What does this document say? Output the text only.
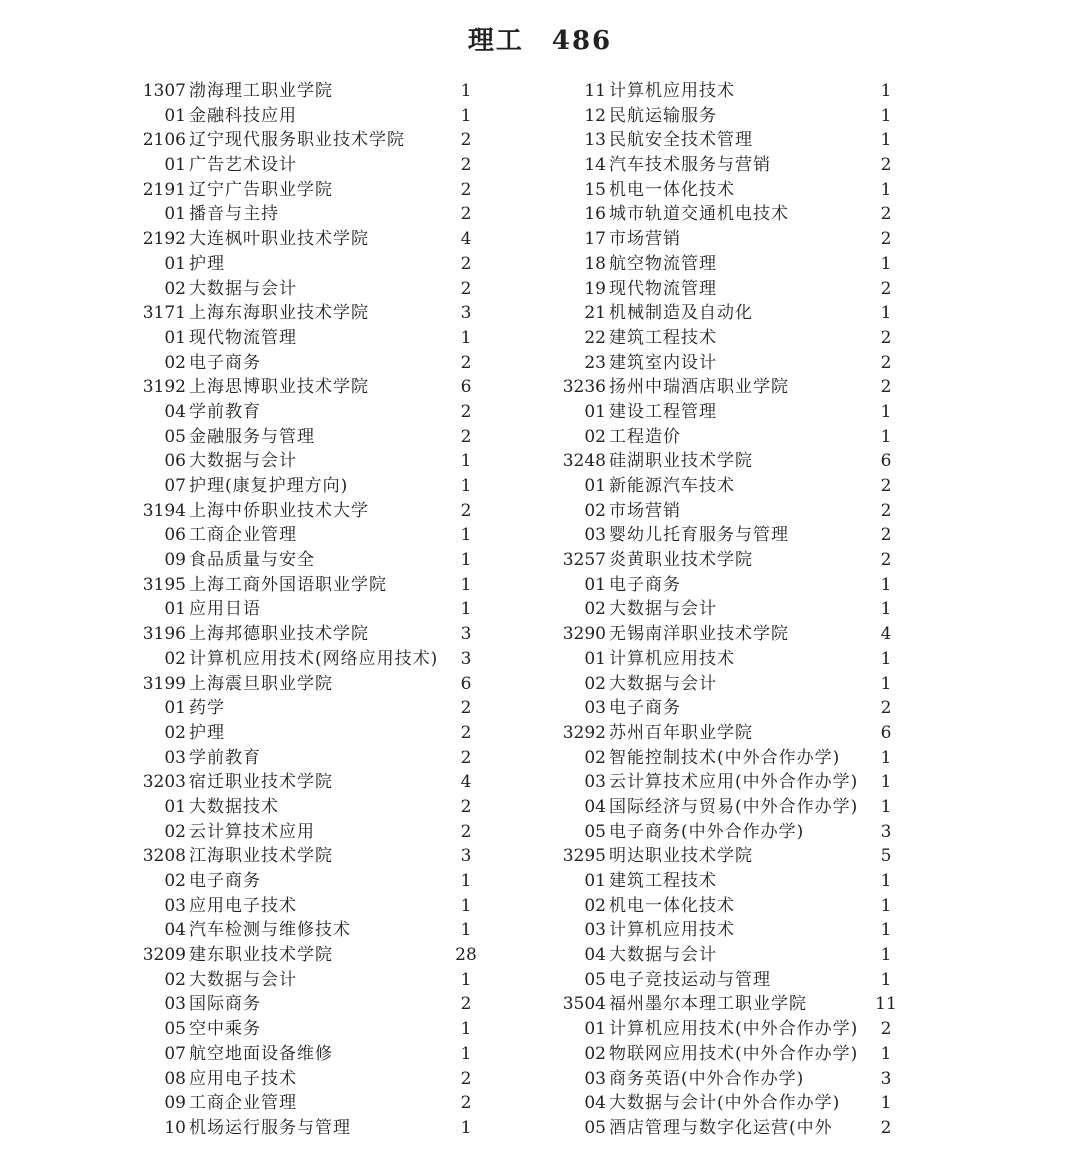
理工　486
1307 渤海理工职业学院	1
01 金融科技应用	1
2106 辽宁现代服务职业技术学院	2
01 广告艺术设计	2
2191 辽宁广告职业学院	2
01 播音与主持	2
2192 大连枫叶职业技术学院	4
01 护理	2
02 大数据与会计	2
3171 上海东海职业技术学院	3
01 现代物流管理	1
02 电子商务	2
3192 上海思博职业技术学院	6
04 学前教育	2
05 金融服务与管理	2
06 大数据与会计	1
07 护理(康复护理方向)	1
3194 上海中侨职业技术大学	2
06 工商企业管理	1
09 食品质量与安全	1
3195 上海工商外国语职业学院	1
01 应用日语	1
3196 上海邦德职业技术学院	3
02 计算机应用技术(网络应用技术)	3
3199 上海震旦职业学院	6
01 药学	2
02 护理	2
03 学前教育	2
3203 宿迁职业技术学院	4
01 大数据技术	2
02 云计算技术应用	2
3208 江海职业技术学院	3
02 电子商务	1
03 应用电子技术	1
04 汽车检测与维修技术	1
3209 建东职业技术学院	28
02 大数据与会计	1
03 国际商务	2
05 空中乘务	1
07 航空地面设备维修	1
08 应用电子技术	2
09 工商企业管理	2
10 机场运行服务与管理	1
11 计算机应用技术	1
12 民航运输服务	1
13 民航安全技术管理	1
14 汽车技术服务与营销	2
15 机电一体化技术	1
16 城市轨道交通机电技术	2
17 市场营销	2
18 航空物流管理	1
19 现代物流管理	2
21 机械制造及自动化	1
22 建筑工程技术	2
23 建筑室内设计	2
3236 扬州中瑞酒店职业学院	2
01 建设工程管理	1
02 工程造价	1
3248 硅湖职业技术学院	6
01 新能源汽车技术	2
02 市场营销	2
03 婴幼儿托育服务与管理	2
3257 炎黄职业技术学院	2
01 电子商务	1
02 大数据与会计	1
3290 无锡南洋职业技术学院	4
01 计算机应用技术	1
02 大数据与会计	1
03 电子商务	2
3292 苏州百年职业学院	6
02 智能控制技术(中外合作办学)	1
03 云计算技术应用(中外合作办学)	1
04 国际经济与贸易(中外合作办学)	1
05 电子商务(中外合作办学)	3
3295 明达职业技术学院	5
01 建筑工程技术	1
02 机电一体化技术	1
03 计算机应用技术	1
04 大数据与会计	1
05 电子竞技运动与管理	1
3504 福州墨尔本理工职业学院	11
01 计算机应用技术(中外合作办学)	2
02 物联网应用技术(中外合作办学)	1
03 商务英语(中外合作办学)	3
04 大数据与会计(中外合作办学)	1
05 酒店管理与数字化运营(中外	2
